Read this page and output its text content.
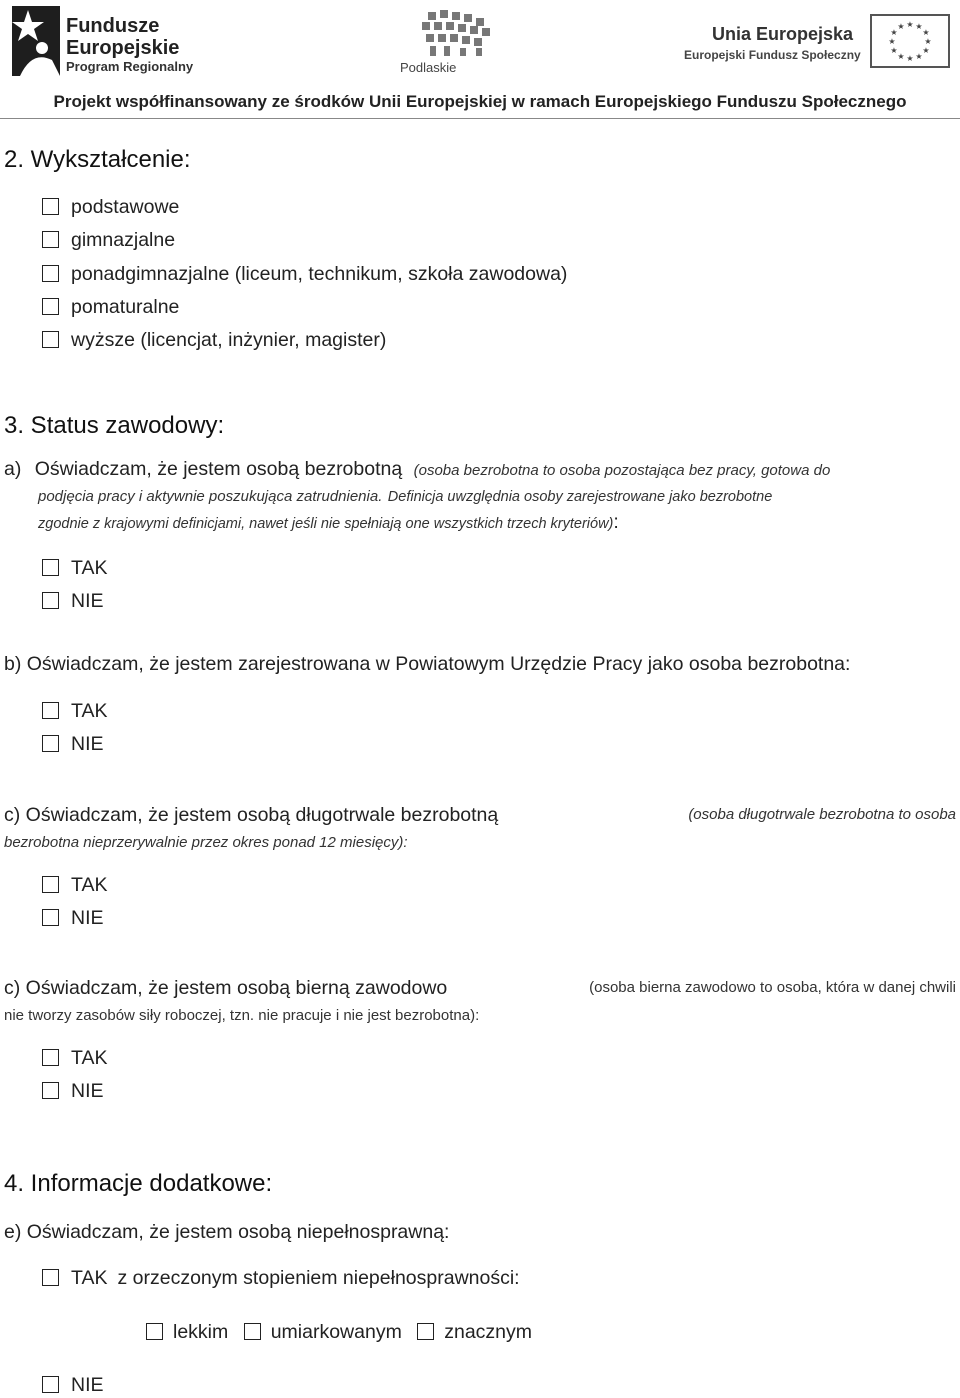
Fundusze
Europejskie
Program Regionalny	Podlaskie
Unia Europejska
Europejski Fundusz Społeczny
★ ★
★
★
★
★
★
★
★
★
★
★
Projekt współfinansowany ze środków Unii Europejskiej w ramach Europejskiego Funduszu Społecznego
2. Wykształcenie:
podstawowe
gimnazjalne
ponadgimnazjalne (liceum, technikum, szkoła zawodowa)
pomaturalne
wyższe (licencjat, inżynier, magister)
3. Status zawodowy:
a) Oświadczam, że jestem osobą bezrobotną (osoba bezrobotna to osoba pozostająca bez pracy, gotowa do
podjęcia pracy i aktywnie poszukująca zatrudnienia. Definicja uwzględnia osoby zarejestrowane jako bezrobotne
zgodnie z krajowymi definicjami, nawet jeśli nie spełniają one wszystkich trzech kryteriów):
TAK
NIE
b) Oświadczam, że jestem zarejestrowana w Powiatowym Urzędzie Pracy jako osoba bezrobotna:
TAK
NIE
c) Oświadczam, że jestem osobą długotrwale bezrobotną	(osoba długotrwale bezrobotna to osoba
bezrobotna nieprzerywalnie przez okres ponad 12 miesięcy):
TAK
NIE
c) Oświadczam, że jestem osobą bierną zawodowo	(osoba bierna zawodowo to osoba, która w danej chwili
nie tworzy zasobów siły roboczej, tzn. nie pracuje i nie jest bezrobotna):
TAK
NIE
4. Informacje dodatkowe:
e) Oświadczam, że jestem osobą niepełnosprawną:
TAK z orzeczonym stopieniem niepełnosprawności:
lekkim umiarkowanym znacznym
NIE
